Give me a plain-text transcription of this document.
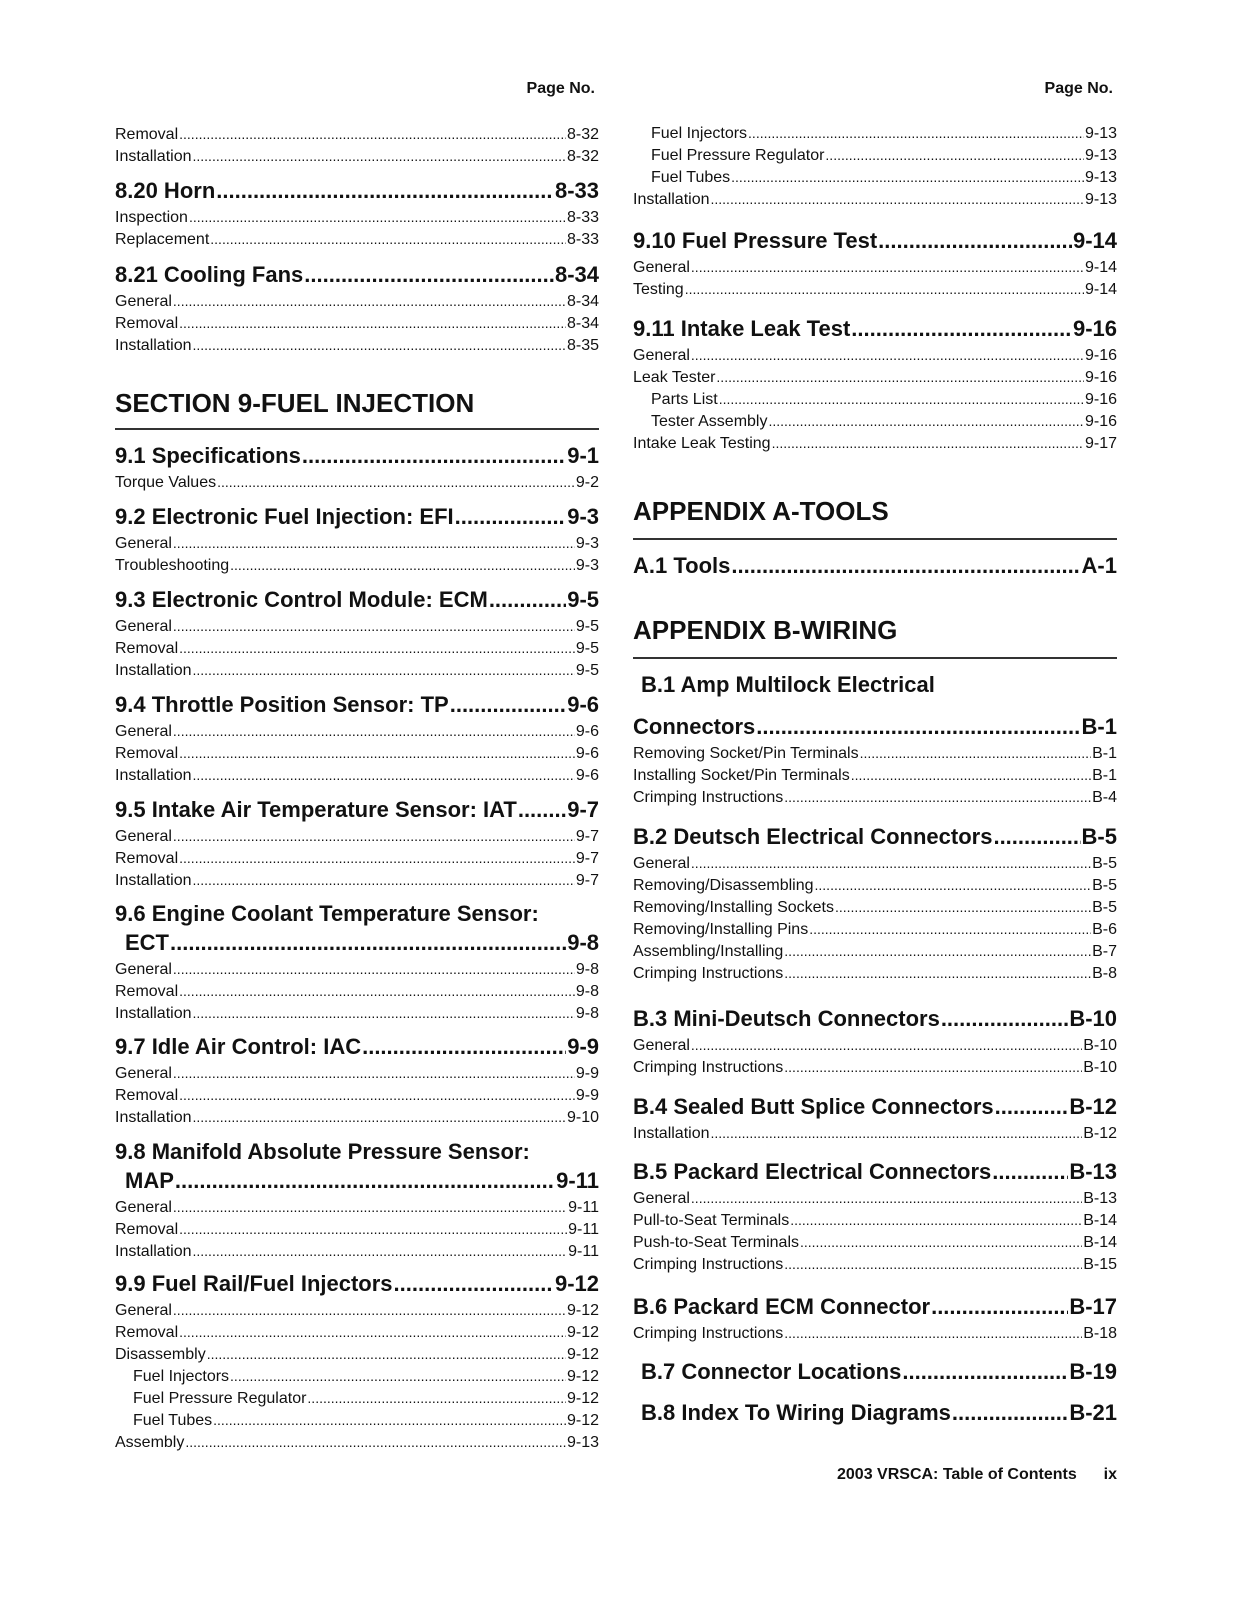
Page No.
Removal .....	8-32
Installation .....	8-32
8.20 Horn .....	8-33
Inspection .....	8-33
Replacement .....	8-33
8.21 Cooling Fans .....	8-34
General .....	8-34
Removal .....	8-34
Installation .....	8-35
SECTION 9-FUEL INJECTION
9.1 Specifications .....	9-1
Torque Values .....	9-2
9.2 Electronic Fuel Injection: EFI .....	9-3
General .....	9-3
Troubleshooting .....	9-3
9.3 Electronic Control Module: ECM .....	9-5
General .....	9-5
Removal .....	9-5
Installation .....	9-5
9.4 Throttle Position Sensor: TP .....	9-6
General .....	9-6
Removal .....	9-6
Installation .....	9-6
9.5 Intake Air Temperature Sensor: IAT ..... 9-7
General .....	9-7
Removal .....	9-7
Installation .....	9-7
9.6 Engine Coolant Temperature Sensor:
ECT .....	9-8
General .....	9-8
Removal .....	9-8
Installation .....	9-8
9.7 Idle Air Control: IAC .....	9-9
General .....	9-9
Removal .....	9-9
Installation .....	9-10
9.8 Manifold Absolute Pressure Sensor:
MAP .....	9-11
General .....	9-11
Removal .....	9-11
Installation .....	9-11
9.9 Fuel Rail/Fuel Injectors .....	9-12
General .....	9-12
Removal .....	9-12
Disassembly .....	9-12
Fuel Injectors .....	9-12
Fuel Pressure Regulator .....	9-12
Fuel Tubes .....	9-12
Assembly .....	9-13
Page No.
Fuel Injectors .....	9-13
Fuel Pressure Regulator .....	9-13
Fuel Tubes .....	9-13
Installation .....	9-13
9.10 Fuel Pressure Test .....	9-14
General .....	9-14
Testing .....	9-14
9.11 Intake Leak Test .....	9-16
General .....	9-16
Leak Tester .....	9-16
Parts List .....	9-16
Tester Assembly .....	9-16
Intake Leak Testing .....	9-17
APPENDIX A-TOOLS
A.1 Tools .....	A-1
APPENDIX B-WIRING
B.1 Amp Multilock Electrical
Connectors .....	B-1
Removing Socket/Pin Terminals .....	B-1
Installing Socket/Pin Terminals .....	B-1
Crimping Instructions .....	B-4
B.2 Deutsch Electrical Connectors .....	B-5
General .....	B-5
Removing/Disassembling .....	B-5
Removing/Installing Sockets .....	B-5
Removing/Installing Pins .....	B-6
Assembling/Installing .....	B-7
Crimping Instructions .....	B-8
B.3 Mini-Deutsch Connectors .....	B-10
General .....	B-10
Crimping Instructions .....	B-10
B.4 Sealed Butt Splice Connectors .....	B-12
Installation .....	B-12
B.5 Packard Electrical Connectors .....	B-13
General .....	B-13
Pull-to-Seat Terminals .....	B-14
Push-to-Seat Terminals .....	B-14
Crimping Instructions .....	B-15
B.6 Packard ECM Connector .....	B-17
Crimping Instructions .....	B-18
B.7 Connector Locations .....	B-19
B.8 Index To Wiring Diagrams .....	B-21
2003 VRSCA: Table of Contents ix
